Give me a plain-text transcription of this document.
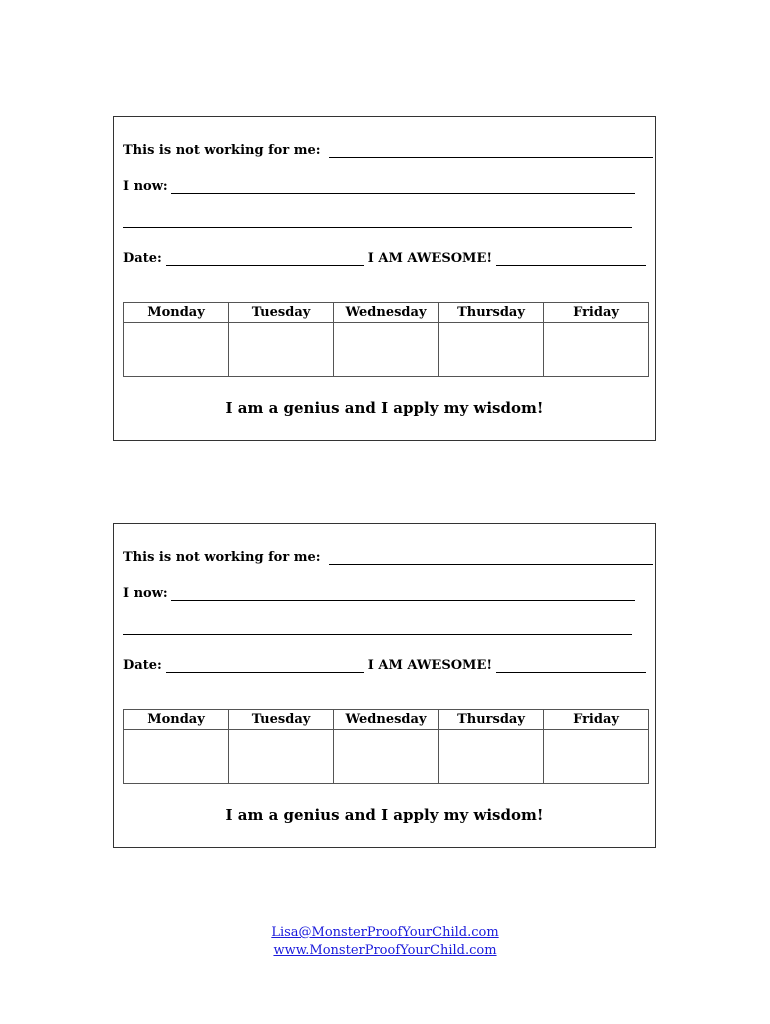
This is not working for me:
I now:
Date:	I AM AWESOME!
Monday	Tuesday	Wednesday	Thursday	Friday

I am a genius and I apply my wisdom!
This is not working for me:
I now:
Date:	I AM AWESOME!
Monday	Tuesday	Wednesday	Thursday	Friday

I am a genius and I apply my wisdom!
Lisa@MonsterProofYourChild.com
www.MonsterProofYourChild.com
